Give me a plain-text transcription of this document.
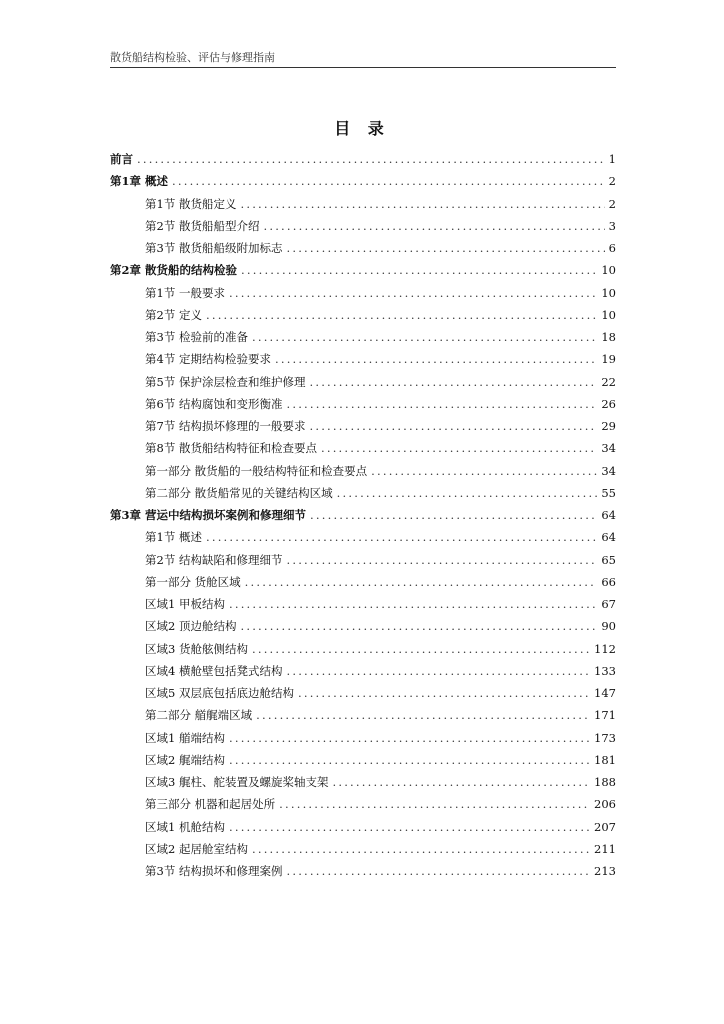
散货船结构检验、评估与修理指南
目 录
前言 .....	1
第1章 概述 .....	2
第1节 散货船定义 .....	2
第2节 散货船船型介绍 .....	3
第3节 散货船船级附加标志 .....	6
第2章 散货船的结构检验 .....	10
第1节 一般要求 .....	10
第2节 定义 .....	10
第3节 检验前的准备 .....	18
第4节 定期结构检验要求 .....	19
第5节 保护涂层检查和维护修理 .....	22
第6节 结构腐蚀和变形衡准 .....	26
第7节 结构损坏修理的一般要求 .....	29
第8节 散货船结构特征和检查要点 .....	34
第一部分 散货船的一般结构特征和检查要点 .....	34
第二部分 散货船常见的关键结构区域 .....	55
第3章 营运中结构损坏案例和修理细节 .....	64
第1节 概述 .....	64
第2节 结构缺陷和修理细节 .....	65
第一部分 货舱区域 .....	66
区域1 甲板结构 .....	67
区域2 顶边舱结构 .....	90
区域3 货舱舷侧结构 .....	112
区域4 横舱壁包括凳式结构 .....	133
区域5 双层底包括底边舱结构 .....	147
第二部分 艏艉端区域 .....	171
区域1 艏端结构 .....	173
区域2 艉端结构 .....	181
区域3 艉柱、舵装置及螺旋桨轴支架 .....	188
第三部分 机器和起居处所 .....	206
区域1 机舱结构 .....	207
区域2 起居舱室结构 .....	211
第3节 结构损坏和修理案例 .....	213
